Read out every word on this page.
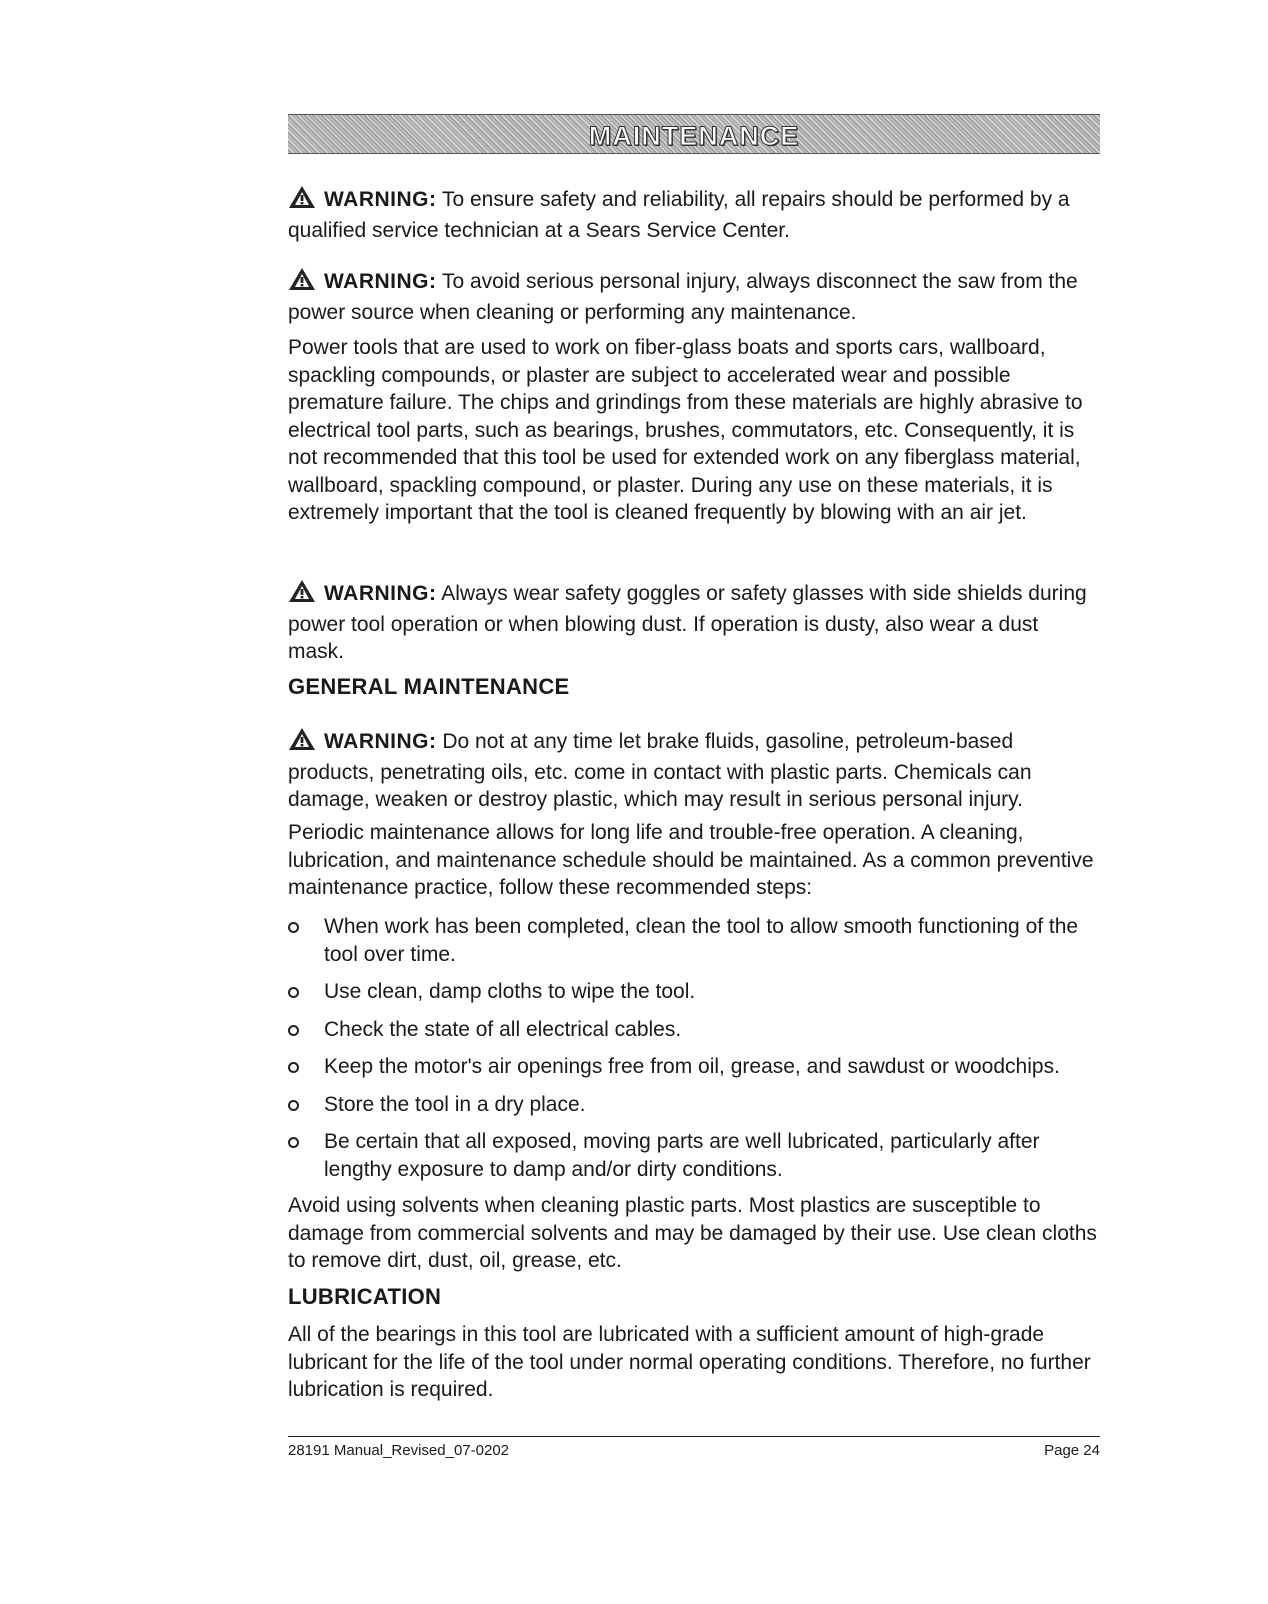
MAINTENANCE
WARNING: To ensure safety and reliability, all repairs should be performed by a qualified service technician at a Sears Service Center.
WARNING: To avoid serious personal injury, always disconnect the saw from the power source when cleaning or performing any maintenance.
Power tools that are used to work on fiber-glass boats and sports cars, wallboard, spackling compounds, or plaster are subject to accelerated wear and possible premature failure. The chips and grindings from these materials are highly abrasive to electrical tool parts, such as bearings, brushes, commutators, etc. Consequently, it is not recommended that this tool be used for extended work on any fiberglass material, wallboard, spackling compound, or plaster. During any use on these materials, it is extremely important that the tool is cleaned frequently by blowing with an air jet.
WARNING: Always wear safety goggles or safety glasses with side shields during power tool operation or when blowing dust. If operation is dusty, also wear a dust mask.
GENERAL MAINTENANCE
WARNING: Do not at any time let brake fluids, gasoline, petroleum-based products, penetrating oils, etc. come in contact with plastic parts. Chemicals can damage, weaken or destroy plastic, which may result in serious personal injury.
Periodic maintenance allows for long life and trouble-free operation. A cleaning, lubrication, and maintenance schedule should be maintained. As a common preventive maintenance practice, follow these recommended steps:
When work has been completed, clean the tool to allow smooth functioning of the tool over time.
Use clean, damp cloths to wipe the tool.
Check the state of all electrical cables.
Keep the motor's air openings free from oil, grease, and sawdust or woodchips.
Store the tool in a dry place.
Be certain that all exposed, moving parts are well lubricated, particularly after lengthy exposure to damp and/or dirty conditions.
Avoid using solvents when cleaning plastic parts. Most plastics are susceptible to damage from commercial solvents and may be damaged by their use. Use clean cloths to remove dirt, dust, oil, grease, etc.
LUBRICATION
All of the bearings in this tool are lubricated with a sufficient amount of high-grade lubricant for the life of the tool under normal operating conditions. Therefore, no further lubrication is required.
28191 Manual_Revised_07-0202	Page 24
